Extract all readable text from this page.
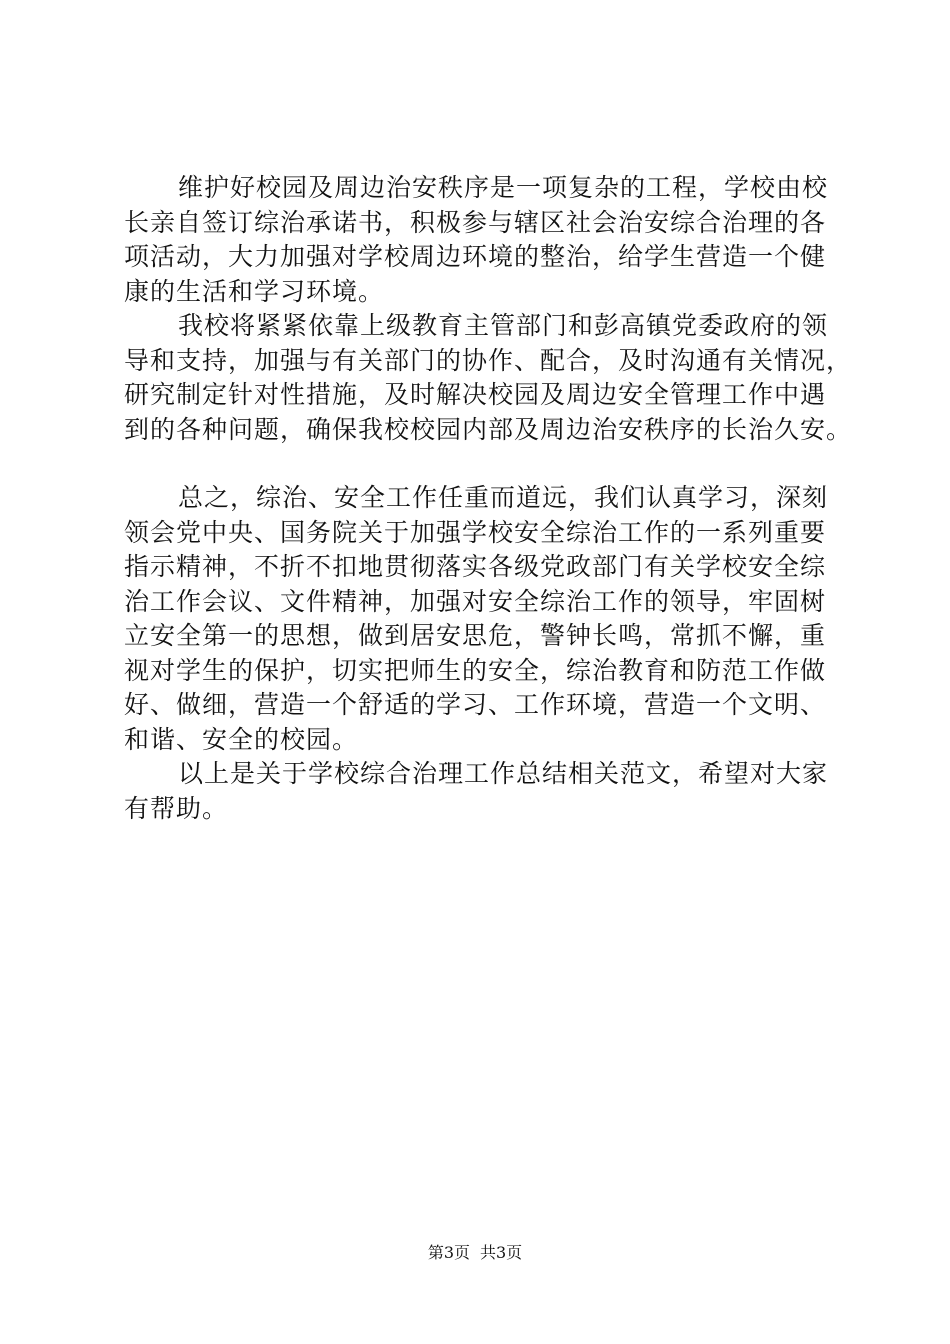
维护好校园及周边治安秩序是一项复杂的工程，学校由校
长亲自签订综治承诺书，积极参与辖区社会治安综合治理的各
项活动，大力加强对学校周边环境的整治，给学生营造一个健
康的生活和学习环境。
我校将紧紧依靠上级教育主管部门和彭高镇党委政府的领
导和支持，加强与有关部门的协作、配合，及时沟通有关情况，
研究制定针对性措施，及时解决校园及周边安全管理工作中遇
到的各种问题，确保我校校园内部及周边治安秩序的长治久安。
总之，综治、安全工作任重而道远，我们认真学习，深刻
领会党中央、国务院关于加强学校安全综治工作的一系列重要
指示精神，不折不扣地贯彻落实各级党政部门有关学校安全综
治工作会议、文件精神，加强对安全综治工作的领导，牢固树
立安全第一的思想，做到居安思危，警钟长鸣，常抓不懈，重
视对学生的保护，切实把师生的安全，综治教育和防范工作做
好、做细，营造一个舒适的学习、工作环境，营造一个文明、
和谐、安全的校园。
以上是关于学校综合治理工作总结相关范文，希望对大家
有帮助。
第3页 共3页
